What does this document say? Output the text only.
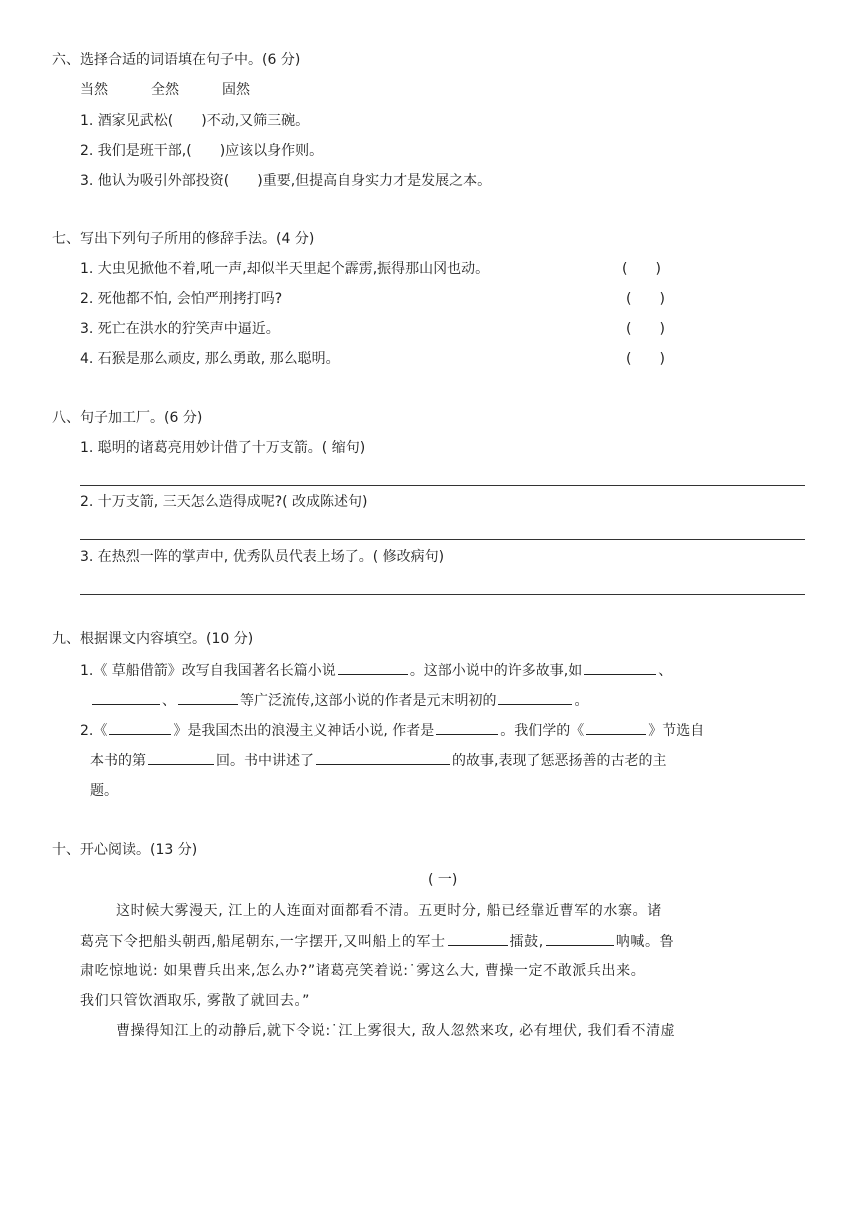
六、选择合适的词语填在句子中。(6 分)
当然	全然	固然
1. 酒家见武松(　　)不动,又筛三碗。
2. 我们是班干部,(　　)应该以身作则。
3. 他认为吸引外部投资(　　)重要,但提高自身实力才是发展之本。
七、写出下列句子所用的修辞手法。(4 分)
1. 大虫见掀他不着,吼一声,却似半天里起个霹雳,振得那山冈也动。	(　　)
2. 死他都不怕, 会怕严刑拷打吗?	(　　)
3. 死亡在洪水的狞笑声中逼近。	(　　)
4. 石猴是那么顽皮, 那么勇敢, 那么聪明。	(　　)
八、句子加工厂。(6 分)
1. 聪明的诸葛亮用妙计借了十万支箭。( 缩句)
2. 十万支箭, 三天怎么造得成呢?( 改成陈述句)
3. 在热烈一阵的掌声中, 优秀队员代表上场了。( 修改病句)
九、根据课文内容填空。(10 分)
1.《 草船借箭》改写自我国著名长篇小说	。这部小说中的许多故事,如	、
、	等广泛流传,这部小说的作者是元末明初的	。
2.《	》是我国杰出的浪漫主义神话小说, 作者是	。我们学的《	》节选自
本书的第	回。书中讲述了	的故事,表现了惩恶扬善的古老的主
题。
十、开心阅读。(13 分)
( 一)
这时候大雾漫天, 江上的人连面对面都看不清。五更时分, 船已经靠近曹军的水寨。诸
葛亮下令把船头朝西,船尾朝东,一字摆开,又叫船上的军士	擂鼓,	呐喊。鲁
肃吃惊地说: 如果曹兵出来,怎么办?”诸葛亮笑着说:˙雾这么大, 曹操一定不敢派兵出来。
我们只管饮酒取乐, 雾散了就回去。”
曹操得知江上的动静后,就下令说:˙江上雾很大, 敌人忽然来攻, 必有埋伏, 我们看不清虚
